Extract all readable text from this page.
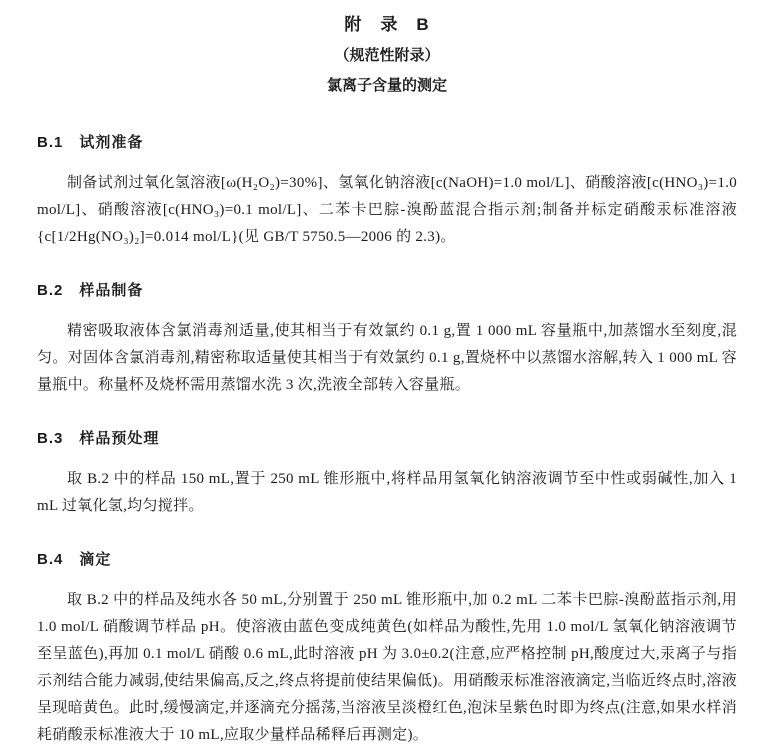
附　录　B
（规范性附录）
氯离子含量的测定
B.1　试剂准备

制备试剂过氧化氢溶液[ω(H₂O₂)=30%]、氢氧化钠溶液[c(NaOH)=1.0 mol/L]、硝酸溶液[c(HNO₃)=1.0 mol/L]、硝酸溶液[c(HNO₃)=0.1 mol/L]、二苯卡巴腙-溴酚蓝混合指示剂;制备并标定硝酸汞标准溶液{c[1/2Hg(NO₃)₂]=0.014 mol/L}(见 GB/T 5750.5—2006 的 2.3)。

B.2　样品制备

精密吸取液体含氯消毒剂适量,使其相当于有效氯约 0.1 g,置 1 000 mL 容量瓶中,加蒸馏水至刻度,混匀。对固体含氯消毒剂,精密称取适量使其相当于有效氯约 0.1 g,置烧杯中以蒸馏水溶解,转入 1 000 mL 容量瓶中。称量杯及烧杯需用蒸馏水洗 3 次,洗液全部转入容量瓶。

B.3　样品预处理

取 B.2 中的样品 150 mL,置于 250 mL 锥形瓶中,将样品用氢氧化钠溶液调节至中性或弱碱性,加入 1 mL 过氧化氢,均匀搅拌。

B.4　滴定

取 B.2 中的样品及纯水各 50 mL,分别置于 250 mL 锥形瓶中,加 0.2 mL 二苯卡巴腙-溴酚蓝指示剂,用 1.0 mol/L 硝酸调节样品 pH。使溶液由蓝色变成纯黄色(如样品为酸性,先用 1.0 mol/L 氢氧化钠溶液调节至呈蓝色),再加 0.1 mol/L 硝酸 0.6 mL,此时溶液 pH 为 3.0±0.2(注意,应严格控制 pH,酸度过大,汞离子与指示剂结合能力减弱,使结果偏高,反之,终点将提前使结果偏低)。用硝酸汞标准溶液滴定,当临近终点时,溶液呈现暗黄色。此时,缓慢滴定,并逐滴充分摇荡,当溶液呈淡橙红色,泡沫呈紫色时即为终点(注意,如果水样消耗硝酸汞标准液大于 10 mL,应取少量样品稀释后再测定)。
